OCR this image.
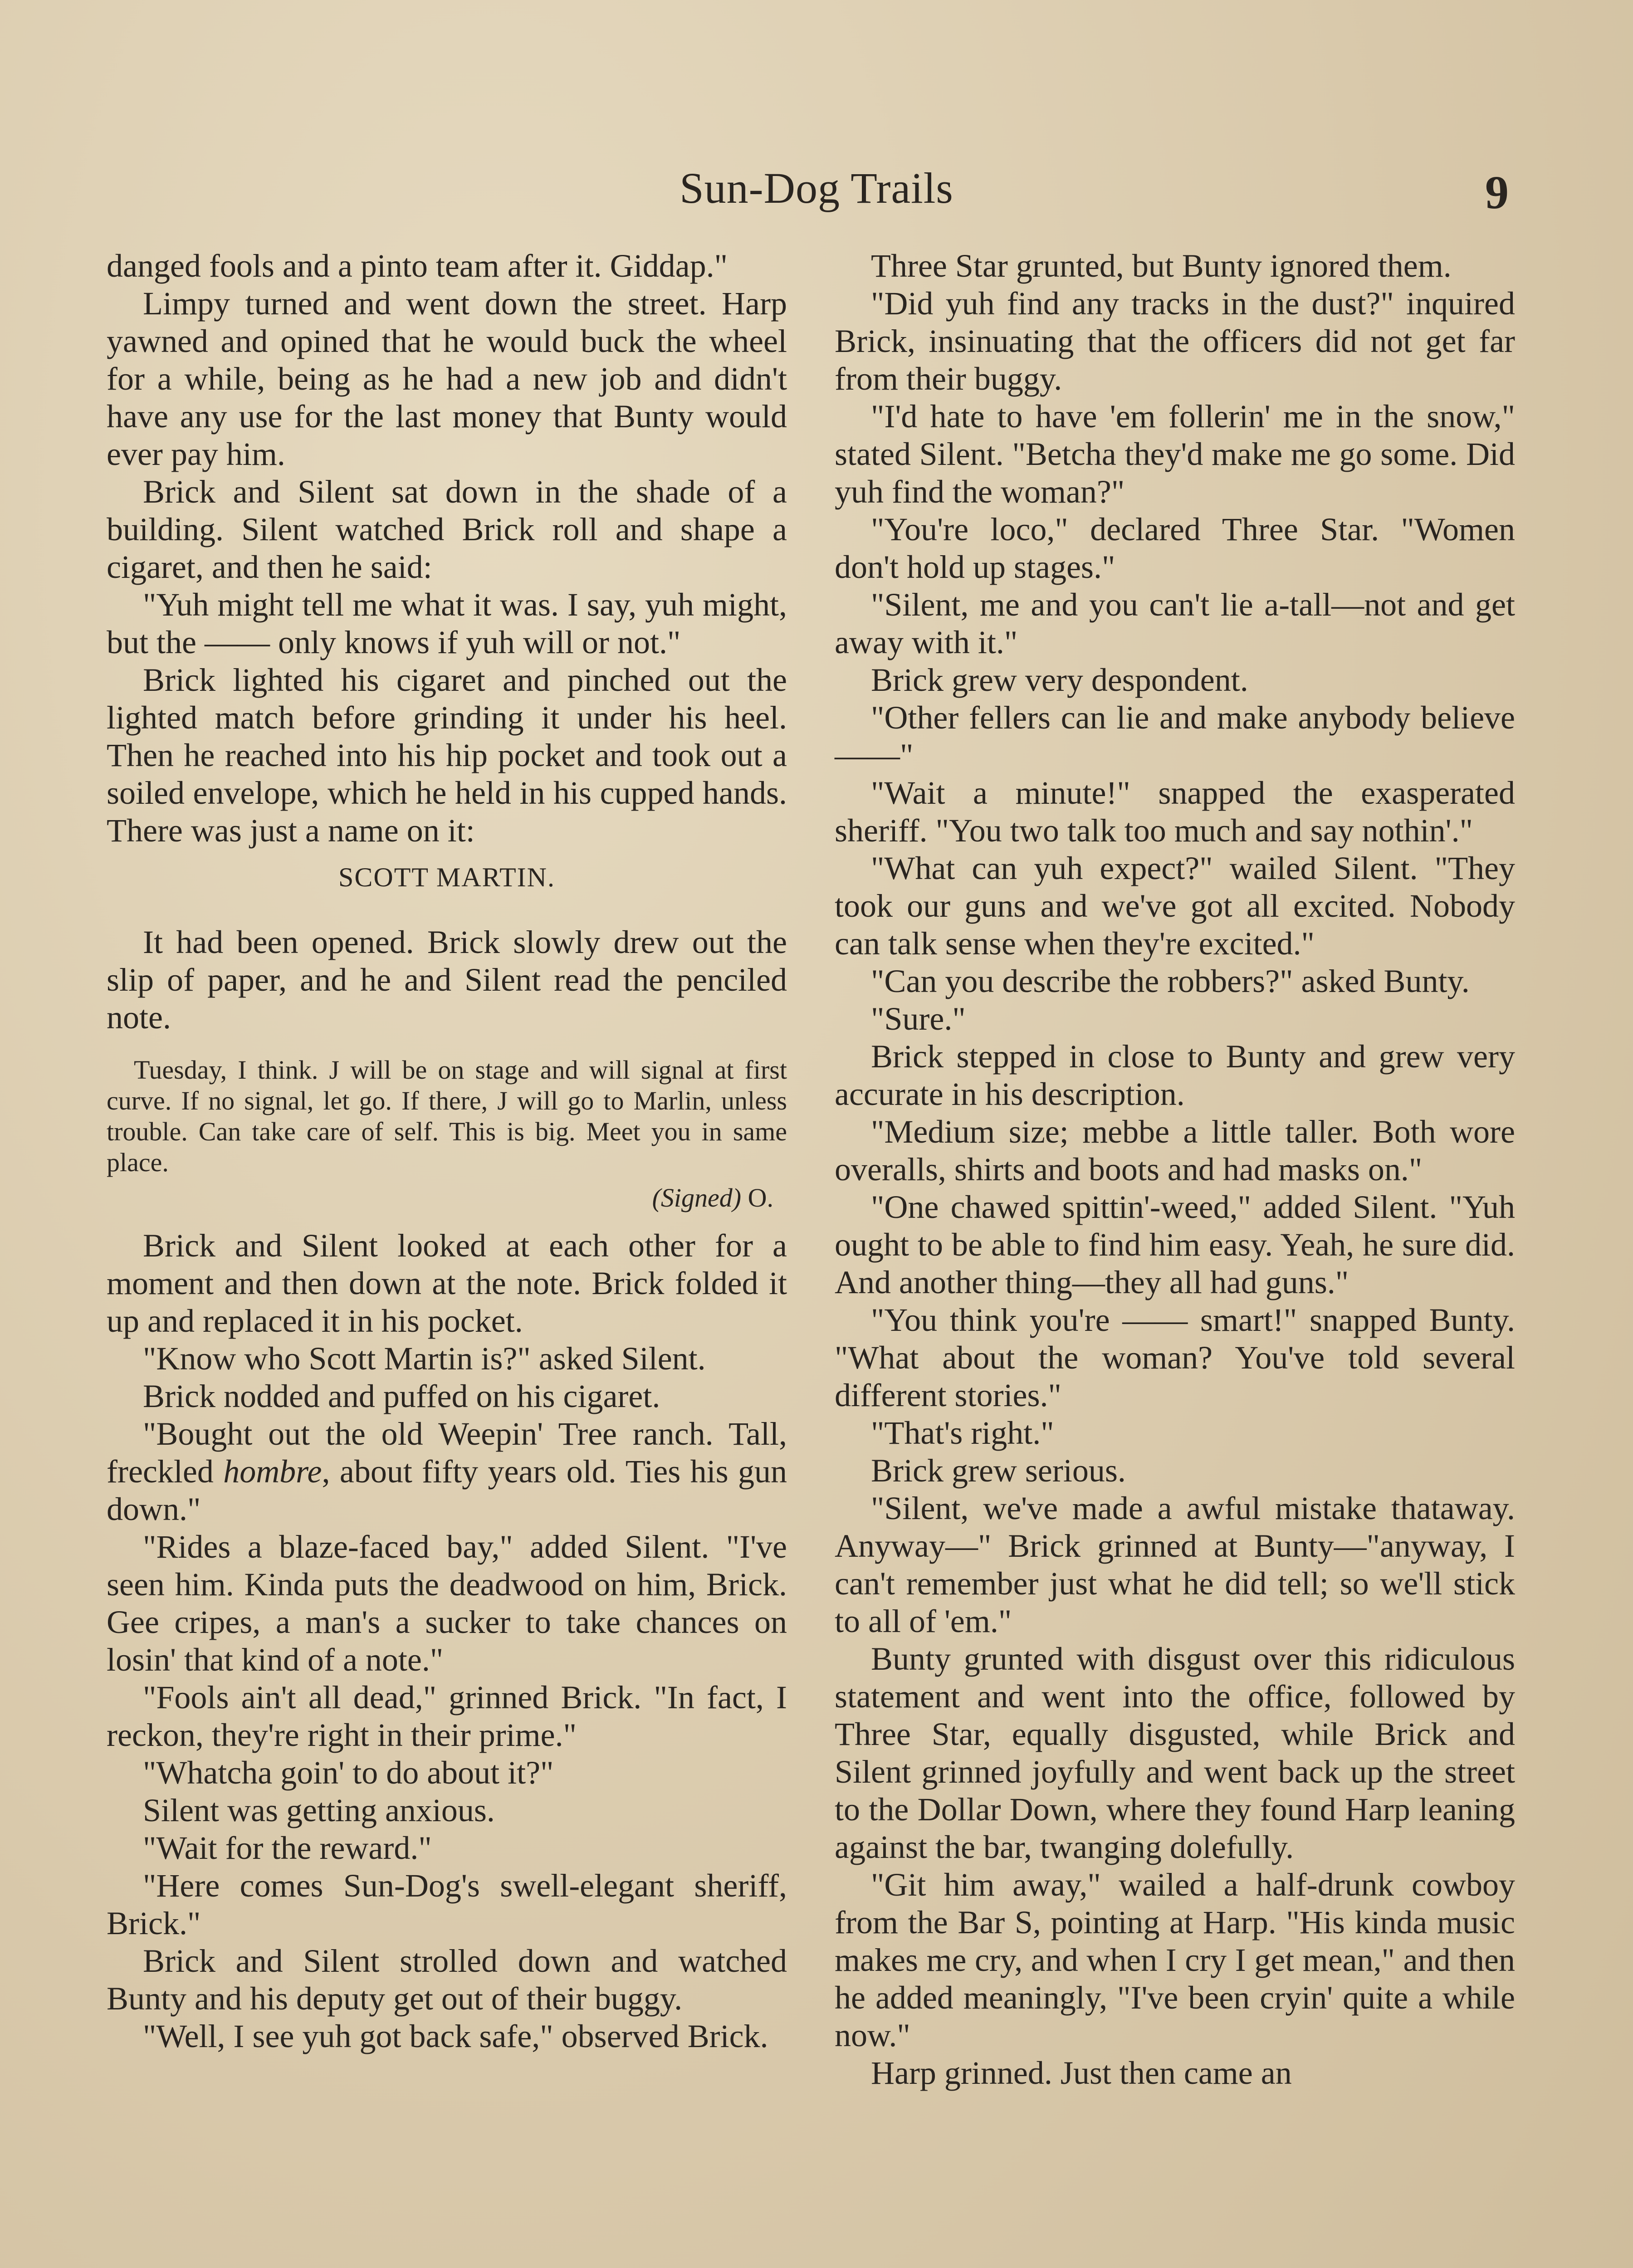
Sun-Dog Trails	9

danged fools and a pinto team after it. Giddap."

Limpy turned and went down the street. Harp yawned and opined that he would buck the wheel for a while, being as he had a new job and didn't have any use for the last money that Bunty would ever pay him.

Brick and Silent sat down in the shade of a building. Silent watched Brick roll and shape a cigaret, and then he said:

"Yuh might tell me what it was. I say, yuh might, but the —— only knows if yuh will or not."

Brick lighted his cigaret and pinched out the lighted match before grinding it under his heel. Then he reached into his hip pocket and took out a soiled envelope, which he held in his cupped hands. There was just a name on it:

SCOTT MARTIN.

It had been opened. Brick slowly drew out the slip of paper, and he and Silent read the penciled note.

Tuesday, I think. J will be on stage and will signal at first curve. If no signal, let go. If there, J will go to Marlin, unless trouble. Can take care of self. This is big. Meet you in same place.

(Signed) O.

Brick and Silent looked at each other for a moment and then down at the note. Brick folded it up and replaced it in his pocket.

"Know who Scott Martin is?" asked Silent.

Brick nodded and puffed on his cigaret.

"Bought out the old Weepin' Tree ranch. Tall, freckled hombre, about fifty years old. Ties his gun down."

"Rides a blaze-faced bay," added Silent. "I've seen him. Kinda puts the deadwood on him, Brick. Gee cripes, a man's a sucker to take chances on losin' that kind of a note."

"Fools ain't all dead," grinned Brick. "In fact, I reckon, they're right in their prime."

"Whatcha goin' to do about it?"

Silent was getting anxious.

"Wait for the reward."

"Here comes Sun-Dog's swell-elegant sheriff, Brick."

Brick and Silent strolled down and watched Bunty and his deputy get out of their buggy.

"Well, I see yuh got back safe," observed Brick.

Three Star grunted, but Bunty ignored them.

"Did yuh find any tracks in the dust?" inquired Brick, insinuating that the officers did not get far from their buggy.

"I'd hate to have 'em follerin' me in the snow," stated Silent. "Betcha they'd make me go some. Did yuh find the woman?"

"You're loco," declared Three Star. "Women don't hold up stages."

"Silent, me and you can't lie a-tall—not and get away with it."

Brick grew very despondent.

"Other fellers can lie and make anybody believe——"

"Wait a minute!" snapped the exasperated sheriff. "You two talk too much and say nothin'."

"What can yuh expect?" wailed Silent. "They took our guns and we've got all excited. Nobody can talk sense when they're excited."

"Can you describe the robbers?" asked Bunty.

"Sure."

Brick stepped in close to Bunty and grew very accurate in his description.

"Medium size; mebbe a little taller. Both wore overalls, shirts and boots and had masks on."

"One chawed spittin'-weed," added Silent. "Yuh ought to be able to find him easy. Yeah, he sure did. And another thing—they all had guns."

"You think you're —— smart!" snapped Bunty. "What about the woman? You've told several different stories."

"That's right."

Brick grew serious.

"Silent, we've made a awful mistake thataway. Anyway—" Brick grinned at Bunty—"anyway, I can't remember just what he did tell; so we'll stick to all of 'em."

Bunty grunted with disgust over this ridiculous statement and went into the office, followed by Three Star, equally disgusted, while Brick and Silent grinned joyfully and went back up the street to the Dollar Down, where they found Harp leaning against the bar, twanging dolefully.

"Git him away," wailed a half-drunk cowboy from the Bar S, pointing at Harp. "His kinda music makes me cry, and when I cry I get mean," and then he added meaningly, "I've been cryin' quite a while now."

Harp grinned. Just then came an
